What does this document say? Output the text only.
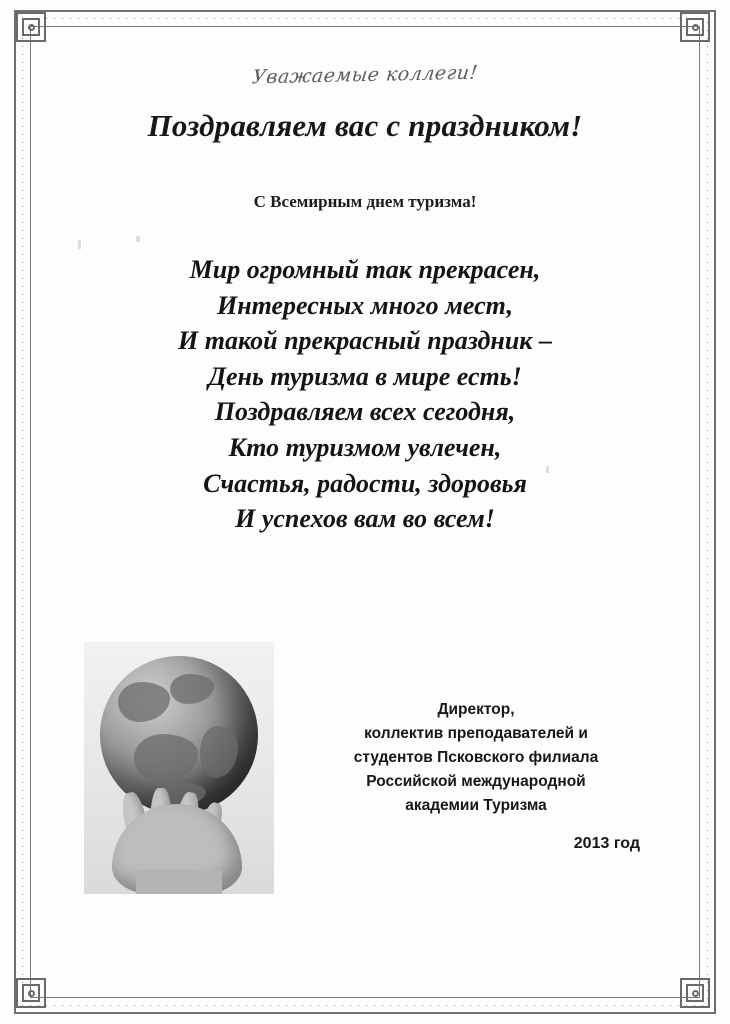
Уважаемые коллеги!
Поздравляем вас с праздником!
С Всемирным днем туризма!
Мир огромный так прекрасен,
Интересных много мест,
И такой прекрасный праздник –
День туризма в мире есть!
Поздравляем всех сегодня,
Кто туризмом увлечен,
Счастья, радости, здоровья
И успехов вам во всем!
Директор,
коллектив преподавателей и
студентов Псковского филиала
Российской международной
академии Туризма
2013 год
